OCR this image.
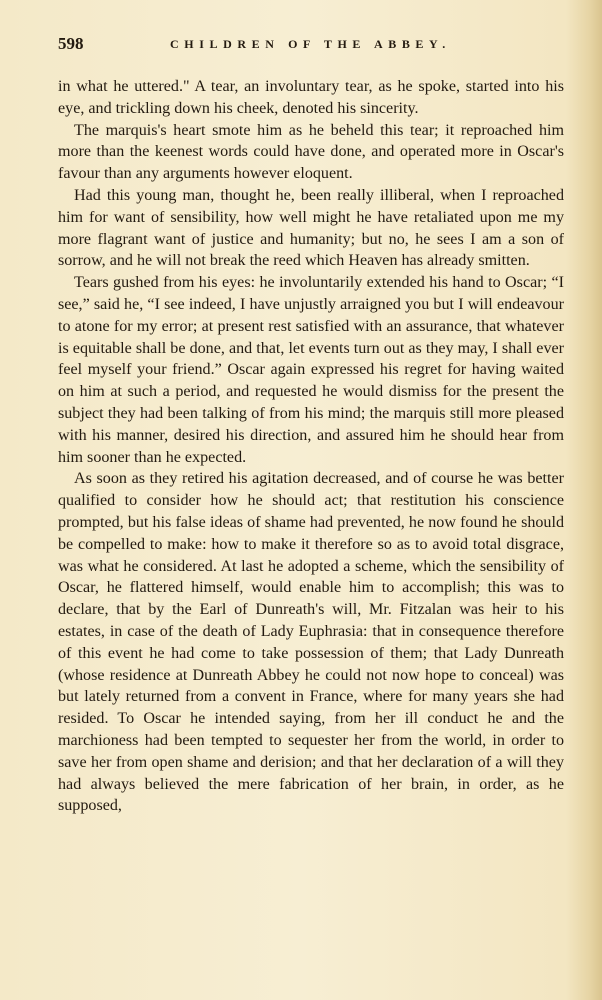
598	CHILDREN OF THE ABBEY.

in what he uttered." A tear, an involuntary tear, as he spoke, started into his eye, and trickling down his cheek, denoted his sincerity.

The marquis's heart smote him as he beheld this tear; it reproached him more than the keenest words could have done, and operated more in Oscar's favour than any arguments however eloquent.

Had this young man, thought he, been really illiberal, when I reproached him for want of sensibility, how well might he have retaliated upon me my more flagrant want of justice and humanity; but no, he sees I am a son of sorrow, and he will not break the reed which Heaven has already smitten.

Tears gushed from his eyes: he involuntarily extended his hand to Oscar; “I see,” said he, “I see indeed, I have unjustly arraigned you but I will endeavour to atone for my error; at present rest satisfied with an assurance, that whatever is equitable shall be done, and that, let events turn out as they may, I shall ever feel myself your friend.” Oscar again expressed his regret for having waited on him at such a period, and requested he would dismiss for the present the subject they had been talking of from his mind; the marquis still more pleased with his manner, desired his direction, and assured him he should hear from him sooner than he expected.

As soon as they retired his agitation decreased, and of course he was better qualified to consider how he should act; that restitution his conscience prompted, but his false ideas of shame had prevented, he now found he should be compelled to make: how to make it therefore so as to avoid total disgrace, was what he considered. At last he adopted a scheme, which the sensibility of Oscar, he flattered himself, would enable him to accomplish; this was to declare, that by the Earl of Dunreath's will, Mr. Fitzalan was heir to his estates, in case of the death of Lady Euphrasia: that in consequence therefore of this event he had come to take possession of them; that Lady Dunreath (whose residence at Dunreath Abbey he could not now hope to conceal) was but lately returned from a convent in France, where for many years she had resided. To Oscar he intended saying, from her ill conduct he and the marchioness had been tempted to sequester her from the world, in order to save her from open shame and derision; and that her declaration of a will they had always believed the mere fabrication of her brain, in order, as he supposed,
